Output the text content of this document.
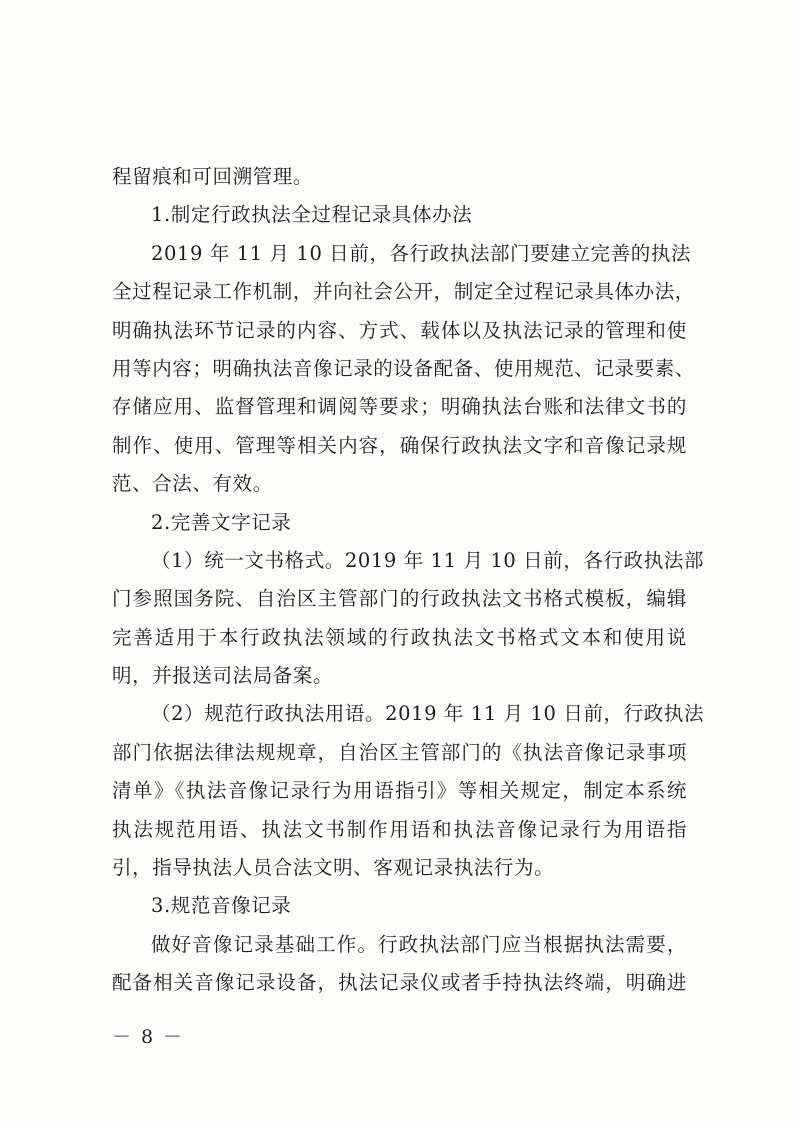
程留痕和可回溯管理。
1.制定行政执法全过程记录具体办法
2019 年 11 月 10 日前，各行政执法部门要建立完善的执法
全过程记录工作机制，并向社会公开，制定全过程记录具体办法，
明确执法环节记录的内容、方式、载体以及执法记录的管理和使
用等内容；明确执法音像记录的设备配备、使用规范、记录要素、
存储应用、监督管理和调阅等要求；明确执法台账和法律文书的
制作、使用、管理等相关内容，确保行政执法文字和音像记录规
范、合法、有效。
2.完善文字记录
（1）统一文书格式。2019 年 11 月 10 日前，各行政执法部
门参照国务院、自治区主管部门的行政执法文书格式模板，编辑
完善适用于本行政执法领域的行政执法文书格式文本和使用说
明，并报送司法局备案。
（2）规范行政执法用语。2019 年 11 月 10 日前，行政执法
部门依据法律法规规章，自治区主管部门的《执法音像记录事项
清单》《执法音像记录行为用语指引》等相关规定，制定本系统
执法规范用语、执法文书制作用语和执法音像记录行为用语指
引，指导执法人员合法文明、客观记录执法行为。
3.规范音像记录
做好音像记录基础工作。行政执法部门应当根据执法需要，
配备相关音像记录设备，执法记录仪或者手持执法终端，明确进
－ 8 －
